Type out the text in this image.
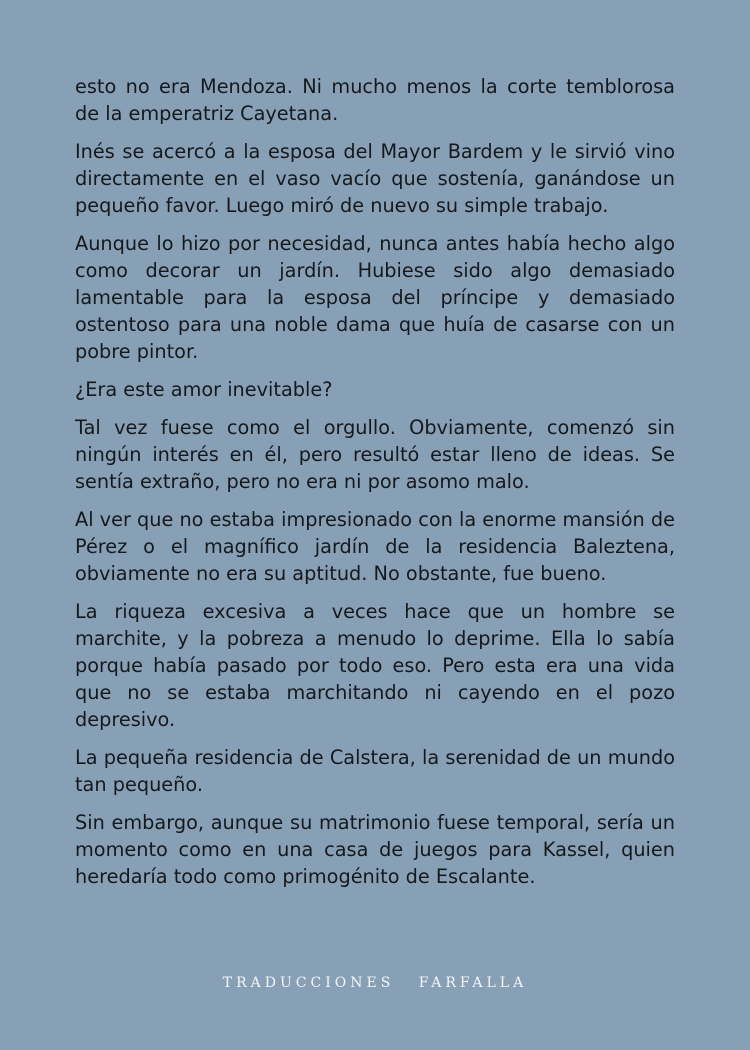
esto no era Mendoza. Ni mucho menos la corte temblorosa de la emperatriz Cayetana.

Inés se acercó a la esposa del Mayor Bardem y le sirvió vino directamente en el vaso vacío que sostenía, ganándose un pequeño favor. Luego miró de nuevo su simple trabajo.

Aunque lo hizo por necesidad, nunca antes había hecho algo como decorar un jardín. Hubiese sido algo demasiado lamentable para la esposa del príncipe y demasiado ostentoso para una noble dama que huía de casarse con un pobre pintor.

¿Era este amor inevitable?

Tal vez fuese como el orgullo. Obviamente, comenzó sin ningún interés en él, pero resultó estar lleno de ideas. Se sentía extraño, pero no era ni por asomo malo.

Al ver que no estaba impresionado con la enorme mansión de Pérez o el magnífico jardín de la residencia Baleztena, obviamente no era su aptitud. No obstante, fue bueno.

La riqueza excesiva a veces hace que un hombre se marchite, y la pobreza a menudo lo deprime. Ella lo sabía porque había pasado por todo eso. Pero esta era una vida que no se estaba marchitando ni cayendo en el pozo depresivo.

La pequeña residencia de Calstera, la serenidad de un mundo tan pequeño.

Sin embargo, aunque su matrimonio fuese temporal, sería un momento como en una casa de juegos para Kassel, quien heredaría todo como primogénito de Escalante.

TRADUCCIONES FARFALLA
